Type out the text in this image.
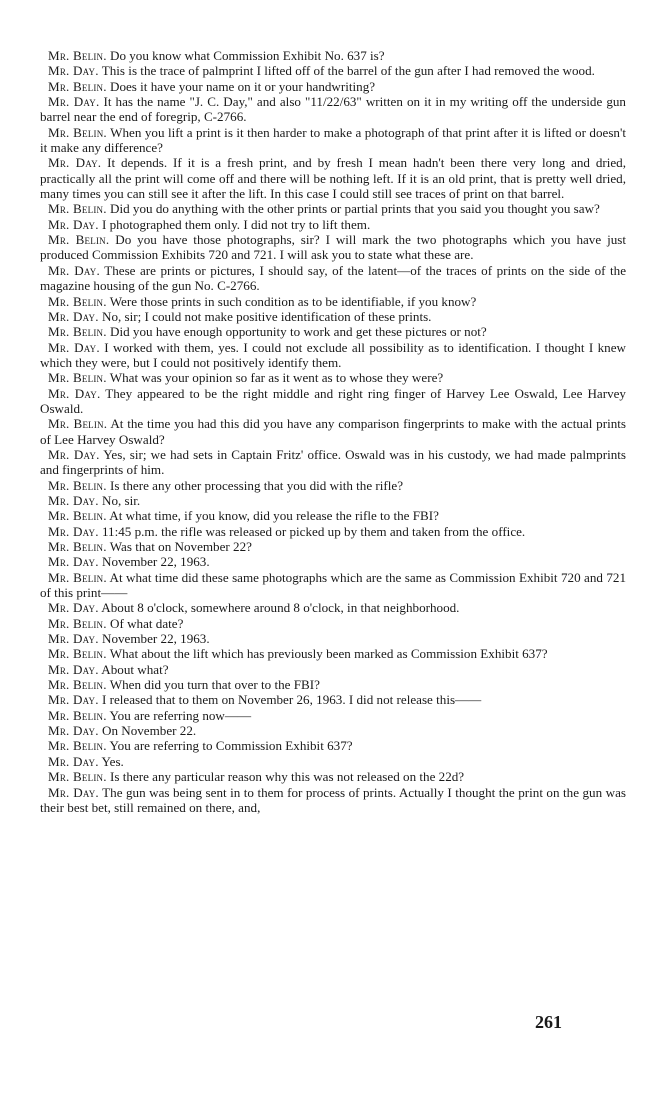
Mr. Belin. Do you know what Commission Exhibit No. 637 is?

Mr. Day. This is the trace of palmprint I lifted off of the barrel of the gun after I had removed the wood.

Mr. Belin. Does it have your name on it or your handwriting?

Mr. Day. It has the name "J. C. Day," and also "11/22/63" written on it in my writing off the underside gun barrel near the end of foregrip, C-2766.

Mr. Belin. When you lift a print is it then harder to make a photograph of that print after it is lifted or doesn't it make any difference?

Mr. Day. It depends. If it is a fresh print, and by fresh I mean hadn't been there very long and dried, practically all the print will come off and there will be nothing left. If it is an old print, that is pretty well dried, many times you can still see it after the lift. In this case I could still see traces of print on that barrel.

Mr. Belin. Did you do anything with the other prints or partial prints that you said you thought you saw?

Mr. Day. I photographed them only. I did not try to lift them.

Mr. Belin. Do you have those photographs, sir? I will mark the two photographs which you have just produced Commission Exhibits 720 and 721. I will ask you to state what these are.

Mr. Day. These are prints or pictures, I should say, of the latent—of the traces of prints on the side of the magazine housing of the gun No. C-2766.

Mr. Belin. Were those prints in such condition as to be identifiable, if you know?

Mr. Day. No, sir; I could not make positive identification of these prints.

Mr. Belin. Did you have enough opportunity to work and get these pictures or not?

Mr. Day. I worked with them, yes. I could not exclude all possibility as to identification. I thought I knew which they were, but I could not positively identify them.

Mr. Belin. What was your opinion so far as it went as to whose they were?

Mr. Day. They appeared to be the right middle and right ring finger of Harvey Lee Oswald, Lee Harvey Oswald.

Mr. Belin. At the time you had this did you have any comparison fingerprints to make with the actual prints of Lee Harvey Oswald?

Mr. Day. Yes, sir; we had sets in Captain Fritz' office. Oswald was in his custody, we had made palmprints and fingerprints of him.

Mr. Belin. Is there any other processing that you did with the rifle?

Mr. Day. No, sir.

Mr. Belin. At what time, if you know, did you release the rifle to the FBI?

Mr. Day. 11:45 p.m. the rifle was released or picked up by them and taken from the office.

Mr. Belin. Was that on November 22?

Mr. Day. November 22, 1963.

Mr. Belin. At what time did these same photographs which are the same as Commission Exhibit 720 and 721 of this print——

Mr. Day. About 8 o'clock, somewhere around 8 o'clock, in that neighborhood.

Mr. Belin. Of what date?

Mr. Day. November 22, 1963.

Mr. Belin. What about the lift which has previously been marked as Commission Exhibit 637?

Mr. Day. About what?

Mr. Belin. When did you turn that over to the FBI?

Mr. Day. I released that to them on November 26, 1963. I did not release this——

Mr. Belin. You are referring now——

Mr. Day. On November 22.

Mr. Belin. You are referring to Commission Exhibit 637?

Mr. Day. Yes.

Mr. Belin. Is there any particular reason why this was not released on the 22d?

Mr. Day. The gun was being sent in to them for process of prints. Actually I thought the print on the gun was their best bet, still remained on there, and,

261
